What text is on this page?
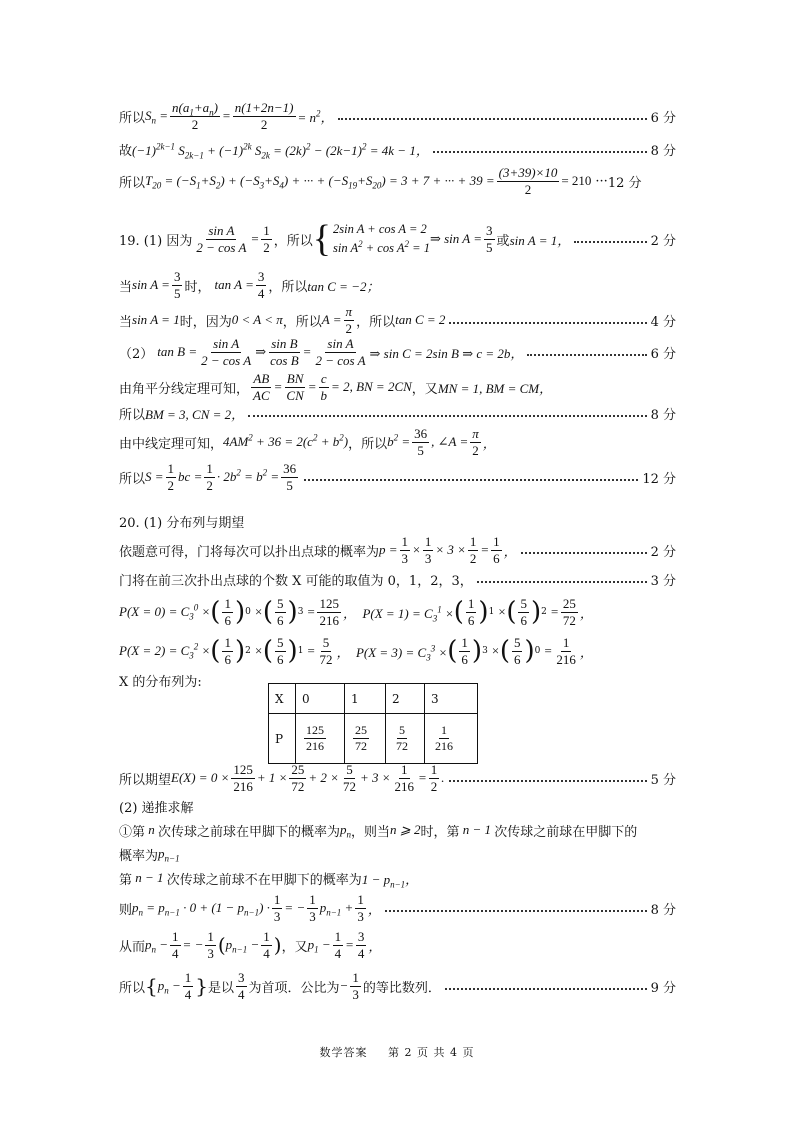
所以 $S_n = \frac{n(a_1+a_n)}{2} = \frac{n(1+2n-1)}{2} = n^2$，	6 分
故 $(-1)^{2k-1}$ $S_{2k-1} + (-1)^{2k}$ $S_{2k} = (2k)^2 - (2k-1)^2 = 4k - 1$，	8 分
所以 $T_{20} = (-S_1+S_2) + (-S_3+S_4)$ + ··· + $(-S_{19}+S_{20}) = 3 + 7$ + ··· + $39 = \frac{(3+39)\times 10}{2} = 210$ ··· 12 分
19. (1) 因为 $\frac{\text{sin A}}{\text{2 − cos A}} = \frac{1}{2}$ ，所以 { 2sin A + cos A = 2
$\sin A^2 + \cos A^2 = 1$
⇒ $\sin A = \frac{3}{5}$ 或 sin A = 1，	2 分
当 $\sin A = \frac{3}{5}$ 时， $\tan A = \frac{3}{4}$ ，所以 tan C = −2；
当 sin A = 1 时，因为 0 < A < π ，所以 $A = \frac{\pi}{2}$ ，所以 tan C = 2	4 分
（2） $\tan B = \frac{\text{sin A}}{\text{2 − cos A}}$ ⇒ $\frac{\text{sin B}}{\text{cos B}} = \frac{\text{sin A}}{\text{2 − cos A}}$ ⇒ sin C = 2sin B ⇒ c = 2b，	6 分
由角平分线定理可知， $\frac{AB}{AC} = \frac{BN}{CN} = \frac{c}{b} = 2$, BN = 2CN ，又 MN = 1, BM = CM，
所以 BM = 3, CN = 2，	8 分
由中线定理可知， $4AM^2 + 36 = 2(c^2 + b^2)$ ，所以 $b^2 = \frac{36}{5}$ , ∠A = $\frac{\pi}{2}$ ，
所以 $S = \frac{1}{2}$ bc = $\frac{1}{2} \cdot 2b^2 = b^2 = \frac{36}{5}$	12 分
20. (1) 分布列与期望
依题意可得，门将每次可以扑出点球的概率为 $p = \frac{1}{3} \times \frac{1}{3} \times 3 \times \frac{1}{2} = \frac{1}{6}$ ，	2 分
门将在前三次扑出点球的个数 X 可能的取值为 0，1，2，3，	3 分
$P(X = 0) = C_3^0$ × ( 1
6 ) 0 × ( 5
6 ) $3 = \frac{125}{216}$ ，  $P(X = 1) = C_3^1$ × ( 1
6 ) 1 × ( 5
6 ) $2 = \frac{25}{72}$ ，
$P(X = 2) = C_3^2$ × ( 1
6 ) 2 × ( 5
6 ) $1 = \frac{5}{72}$ ，  $P(X = 3) = C_3^3$ × ( 1
6 ) 3 × ( 5
6 ) $0 = \frac{1}{216}$ ，
X 的分布列为:
X	0	1	2	3
P	$\frac{125}{216}$	$\frac{25}{72}$	$\frac{5}{72}$	$\frac{1}{216}$
所以期望 $E(X) = 0 \times \frac{125}{216} + 1 \times \frac{25}{72} + 2 \times \frac{5}{72} + 3 \times \frac{1}{216} = \frac{1}{2}$ .	5 分
(2) 递推求解
①第 n 次传球之前球在甲脚下的概率为 $p_n$ ，则当 n ⩾ 2 时，第 n − 1 次传球之前球在甲脚下的
概率为 $p_{n-1}$
第 n − 1 次传球之前球不在甲脚下的概率为 $1 - p_{n-1}$，
则 $p_n = p_{n-1} \cdot 0 + (1 - p_{n-1}) \cdot \frac{1}{3}$ = − $\frac{1}{3} p_{n-1} + \frac{1}{3}$ ，	8 分
从而 $p_n - \frac{1}{4}$ = − $\frac{1}{3}$ ( $p_{n-1} - \frac{1}{4}$ ) ，又 $p_1 - \frac{1}{4} = \frac{3}{4}$ ，
所以 { $p_n - \frac{1}{4}$ } 是以
3
4 为首项．公比为 − $\frac{1}{3}$ 的等比数列．	9 分
数学答案 第 2 页 共 4 页
